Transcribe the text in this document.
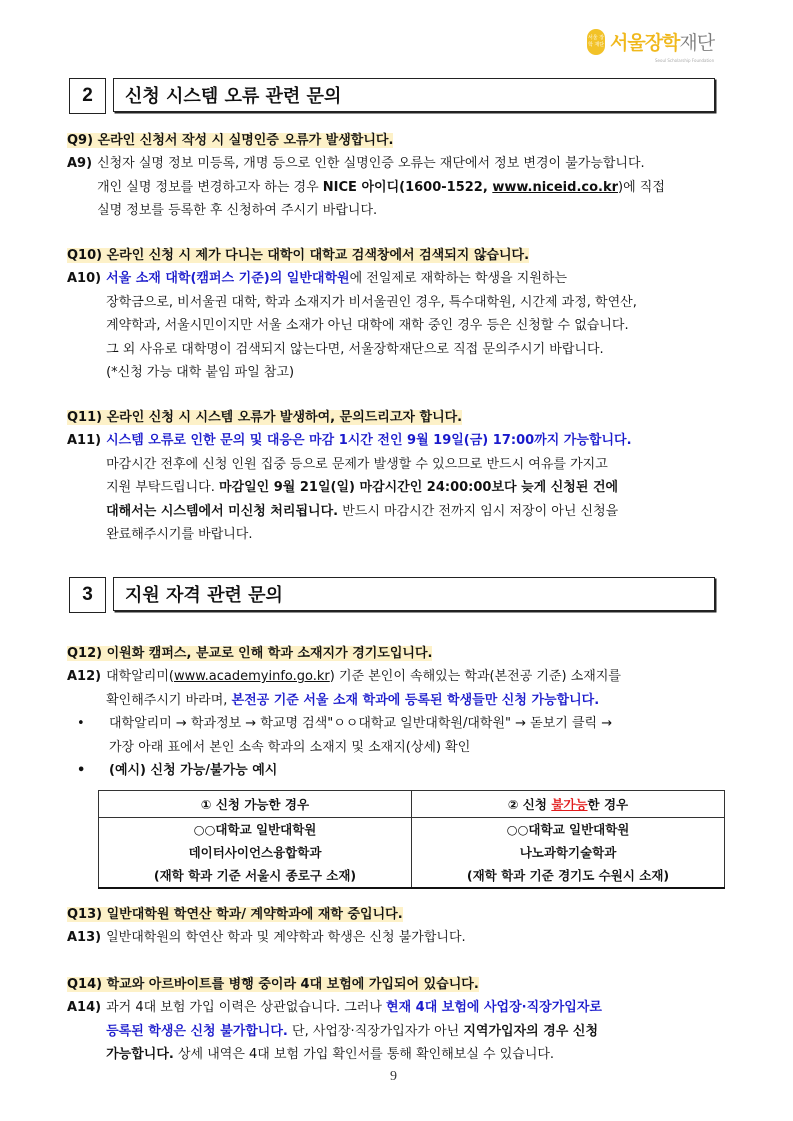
서울 장학 재단 서울장학재단
Seoul Scholarship Foundation
2	신청 시스템 오류 관련 문의
Q9) 온라인 신청서 작성 시 실명인증 오류가 발생합니다.
A9) 신청자 실명 정보 미등록, 개명 등으로 인한 실명인증 오류는 재단에서 정보 변경이 불가능합니다.
개인 실명 정보를 변경하고자 하는 경우 NICE 아이디(1600-1522, www.niceid.co.kr)에 직접
실명 정보를 등록한 후 신청하여 주시기 바랍니다.
Q10) 온라인 신청 시 제가 다니는 대학이 대학교 검색창에서 검색되지 않습니다.
A10) 서울 소재 대학(캠퍼스 기준)의 일반대학원에 전일제로 재학하는 학생을 지원하는
장학금으로, 비서울권 대학, 학과 소재지가 비서울권인 경우, 특수대학원, 시간제 과정, 학연산,
계약학과, 서울시민이지만 서울 소재가 아닌 대학에 재학 중인 경우 등은 신청할 수 없습니다.
그 외 사유로 대학명이 검색되지 않는다면, 서울장학재단으로 직접 문의주시기 바랍니다.
(*신청 가능 대학 붙임 파일 참고)
Q11) 온라인 신청 시 시스템 오류가 발생하여, 문의드리고자 합니다.
A11) 시스템 오류로 인한 문의 및 대응은 마감 1시간 전인 9월 19일(금) 17:00까지 가능합니다.
마감시간 전후에 신청 인원 집중 등으로 문제가 발생할 수 있으므로 반드시 여유를 가지고
지원 부탁드립니다. 마감일인 9월 21일(일) 마감시간인 24:00:00보다 늦게 신청된 건에
대해서는 시스템에서 미신청 처리됩니다. 반드시 마감시간 전까지 임시 저장이 아닌 신청을
완료해주시기를 바랍니다.
3	지원 자격 관련 문의
Q12) 이원화 캠퍼스, 분교로 인해 학과 소재지가 경기도입니다.
A12) 대학알리미(www.academyinfo.go.kr) 기준 본인이 속해있는 학과(본전공 기준) 소재지를
확인해주시기 바라며, 본전공 기준 서울 소재 학과에 등록된 학생들만 신청 가능합니다.
• 대학알리미 → 학과정보 → 학교명 검색"ㅇㅇ대학교 일반대학원/대학원" → 돋보기 클릭 →
가장 아래 표에서 본인 소속 학과의 소재지 및 소재지(상세) 확인
• (예시) 신청 가능/불가능 예시
① 신청 가능한 경우	② 신청 불가능한 경우
○○대학교 일반대학원	○○대학교 일반대학원
데이터사이언스융합학과	나노과학기술학과
(재학 학과 기준 서울시 종로구 소재)	(재학 학과 기준 경기도 수원시 소재)
Q13) 일반대학원 학연산 학과/ 계약학과에 재학 중입니다.
A13) 일반대학원의 학연산 학과 및 계약학과 학생은 신청 불가합니다.
Q14) 학교와 아르바이트를 병행 중이라 4대 보험에 가입되어 있습니다.
A14) 과거 4대 보험 가입 이력은 상관없습니다. 그러나 현재 4대 보험에 사업장·직장가입자로
등록된 학생은 신청 불가합니다. 단, 사업장·직장가입자가 아닌 지역가입자의 경우 신청
가능합니다. 상세 내역은 4대 보험 가입 확인서를 통해 확인해보실 수 있습니다.
9
